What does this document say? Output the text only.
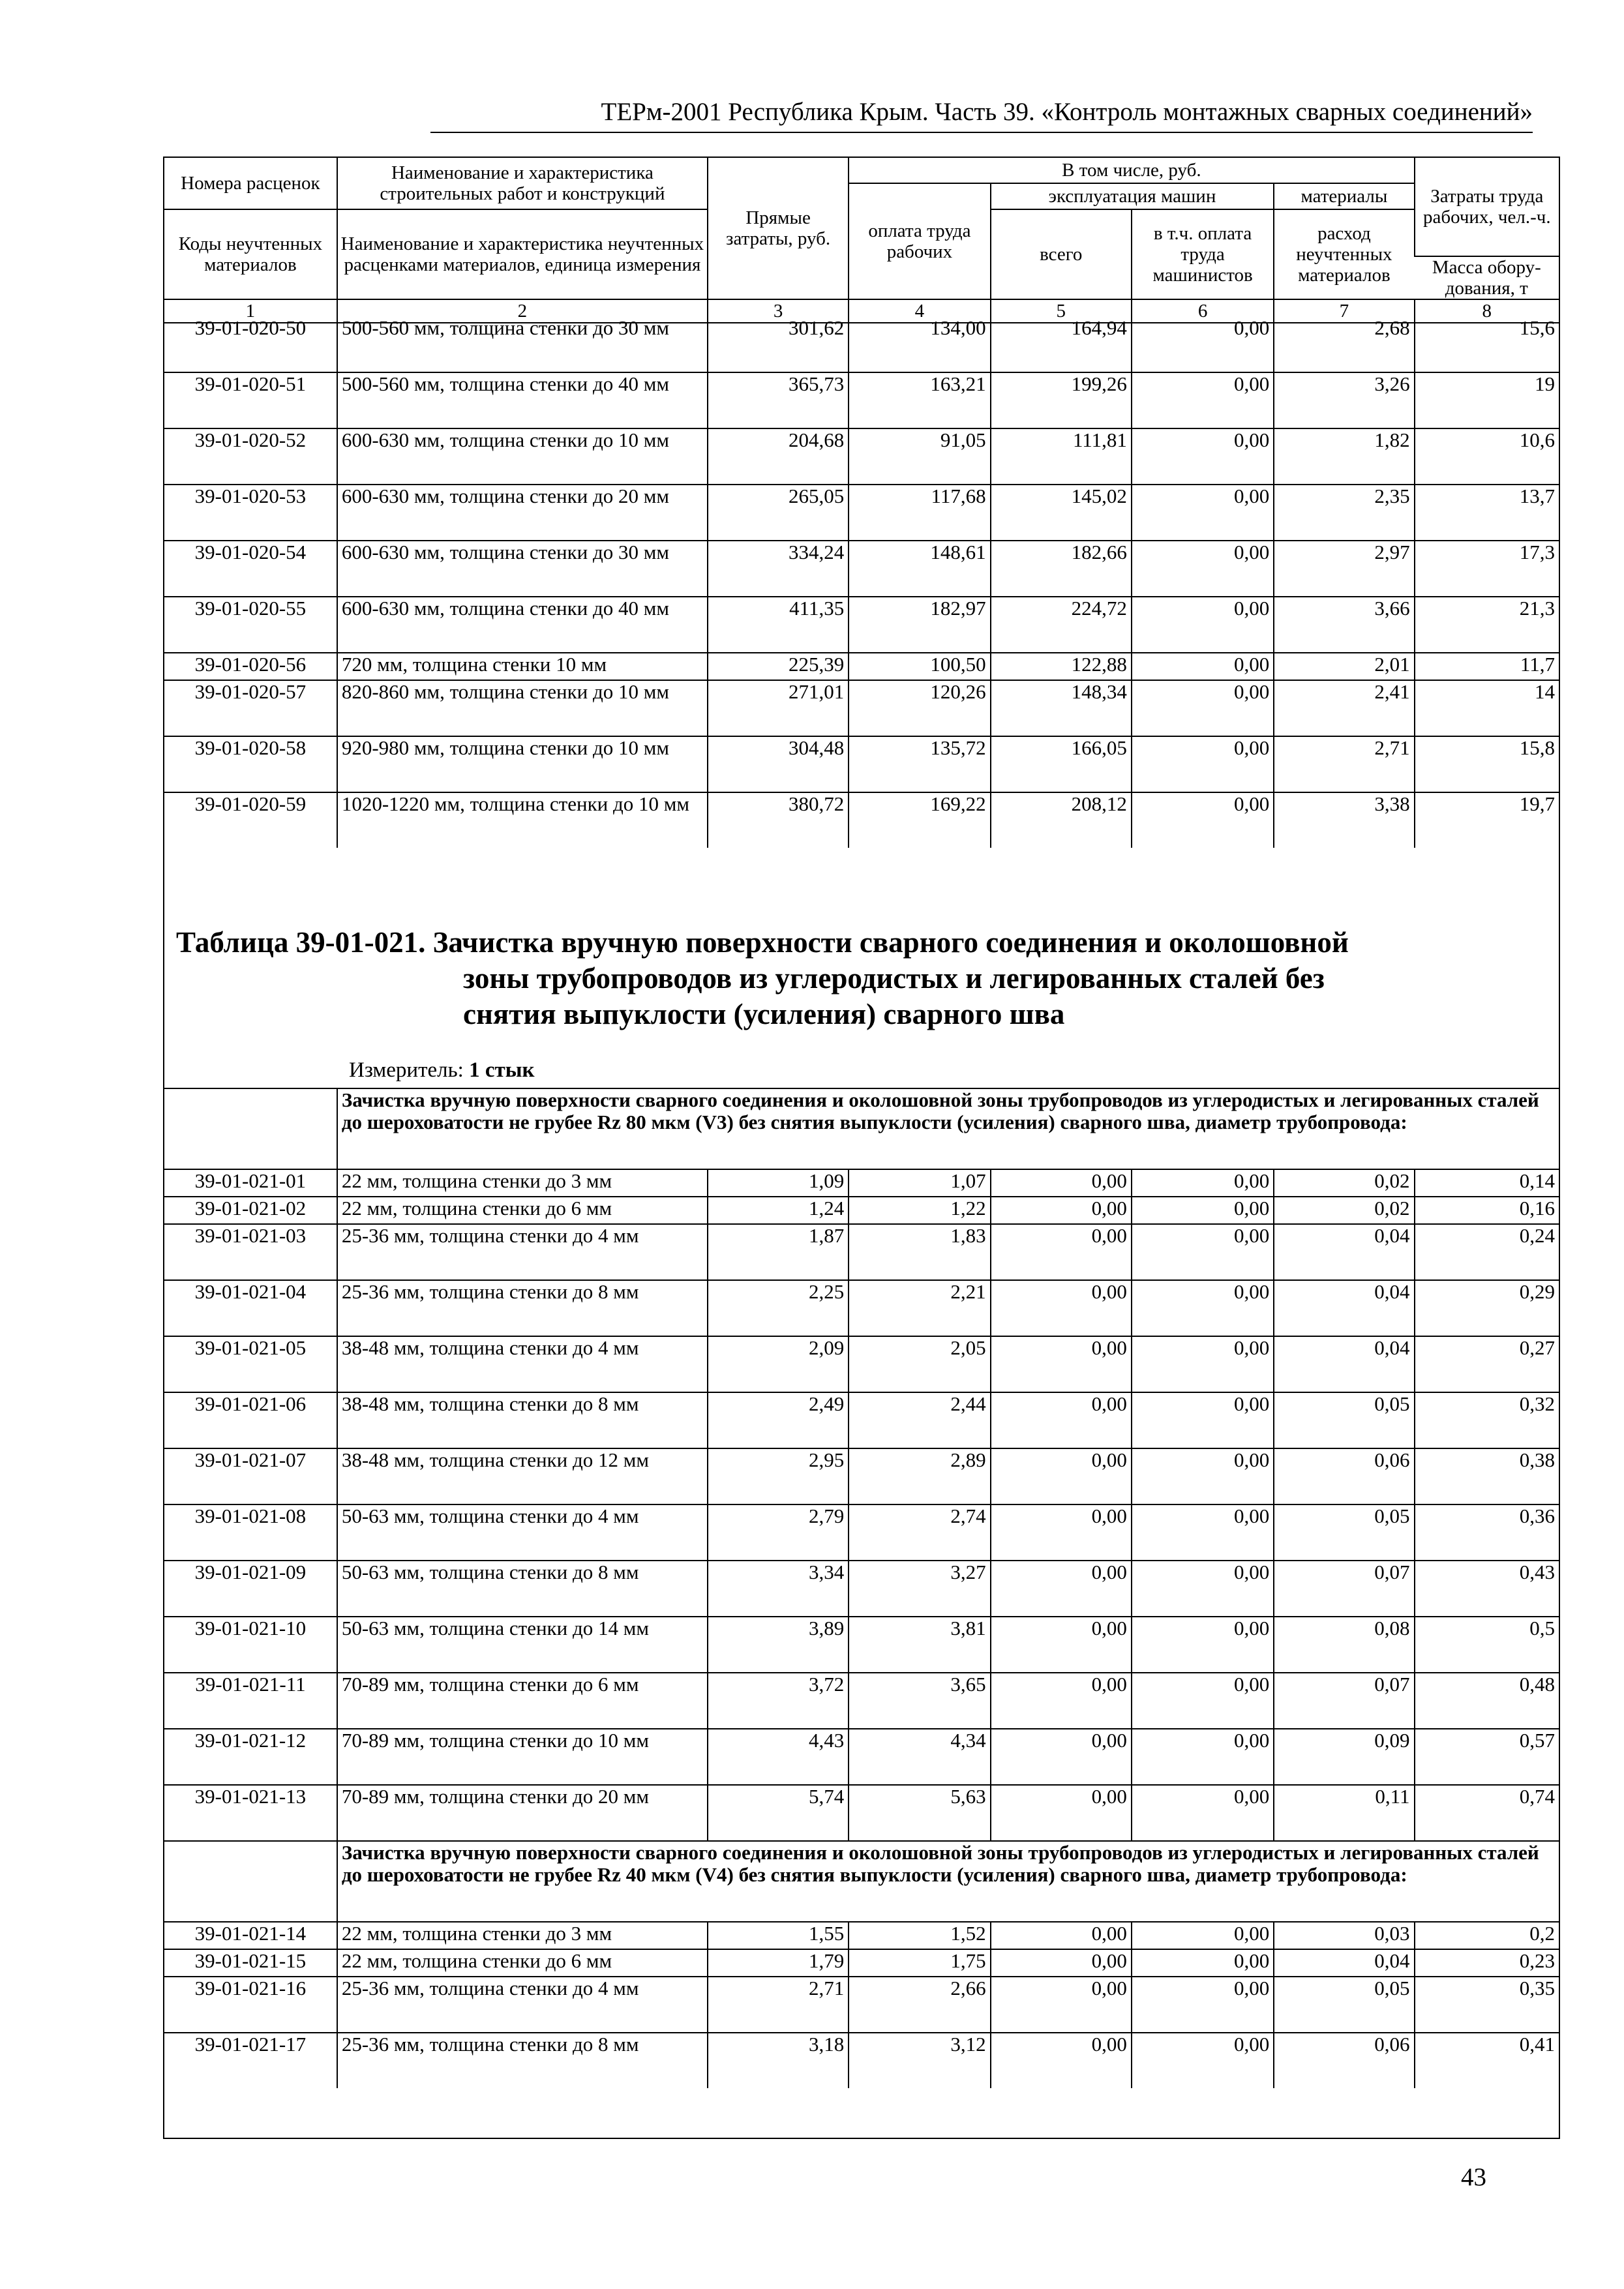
ТЕРм-2001 Республика Крым. Часть 39. «Контроль монтажных сварных соединений»
Номера расценок	Наименование и характеристика строительных работ и конструкций	Прямые затраты, руб.	В том числе, руб.				Затраты труда рабочих, чел.-ч.
			оплата труда рабочих	эксплуатация машин		материалы	
Коды неучтенных материалов	Наименование и характеристика неучтенных расценками материалов, единица измерения			всего	в т.ч. оплата труда машинистов	расход неучтенных материалов	
							Масса обору- дования, т
1	2	3	4	5	6	7	8
39-01-020-50	500-560 мм, толщина стенки до 30 мм	301,62	134,00	164,94	0,00	2,68	15,6
39-01-020-51	500-560 мм, толщина стенки до 40 мм	365,73	163,21	199,26	0,00	3,26	19
39-01-020-52	600-630 мм, толщина стенки до 10 мм	204,68	91,05	111,81	0,00	1,82	10,6
39-01-020-53	600-630 мм, толщина стенки до 20 мм	265,05	117,68	145,02	0,00	2,35	13,7
39-01-020-54	600-630 мм, толщина стенки до 30 мм	334,24	148,61	182,66	0,00	2,97	17,3
39-01-020-55	600-630 мм, толщина стенки до 40 мм	411,35	182,97	224,72	0,00	3,66	21,3
39-01-020-56	720 мм, толщина стенки 10 мм	225,39	100,50	122,88	0,00	2,01	11,7
39-01-020-57	820-860 мм, толщина стенки до 10 мм	271,01	120,26	148,34	0,00	2,41	14
39-01-020-58	920-980 мм, толщина стенки до 10 мм	304,48	135,72	166,05	0,00	2,71	15,8
39-01-020-59	1020-1220 мм, толщина стенки до 10 мм	380,72	169,22	208,12	0,00	3,38	19,7
Таблица 39-01-021. Зачистка вручную поверхности сварного соединения и околошовной
зоны трубопроводов из углеродистых и легированных сталей без
снятия выпуклости (усиления) сварного шва
Измеритель: 1 стык
	Зачистка вручную поверхности сварного соединения и околошовной зоны трубопроводов из углеродистых и легированных сталей до шероховатости не грубее Rz 80 мкм (V3) без снятия выпуклости (усиления) сварного шва, диаметр трубопровода:						
39-01-021-01	22 мм, толщина стенки до 3 мм	1,09	1,07	0,00	0,00	0,02	0,14
39-01-021-02	22 мм, толщина стенки до 6 мм	1,24	1,22	0,00	0,00	0,02	0,16
39-01-021-03	25-36 мм, толщина стенки до 4 мм	1,87	1,83	0,00	0,00	0,04	0,24
39-01-021-04	25-36 мм, толщина стенки до 8 мм	2,25	2,21	0,00	0,00	0,04	0,29
39-01-021-05	38-48 мм, толщина стенки до 4 мм	2,09	2,05	0,00	0,00	0,04	0,27
39-01-021-06	38-48 мм, толщина стенки до 8 мм	2,49	2,44	0,00	0,00	0,05	0,32
39-01-021-07	38-48 мм, толщина стенки до 12 мм	2,95	2,89	0,00	0,00	0,06	0,38
39-01-021-08	50-63 мм, толщина стенки до 4 мм	2,79	2,74	0,00	0,00	0,05	0,36
39-01-021-09	50-63 мм, толщина стенки до 8 мм	3,34	3,27	0,00	0,00	0,07	0,43
39-01-021-10	50-63 мм, толщина стенки до 14 мм	3,89	3,81	0,00	0,00	0,08	0,5
39-01-021-11	70-89 мм, толщина стенки до 6 мм	3,72	3,65	0,00	0,00	0,07	0,48
39-01-021-12	70-89 мм, толщина стенки до 10 мм	4,43	4,34	0,00	0,00	0,09	0,57
39-01-021-13	70-89 мм, толщина стенки до 20 мм	5,74	5,63	0,00	0,00	0,11	0,74
	Зачистка вручную поверхности сварного соединения и околошовной зоны трубопроводов из углеродистых и легированных сталей до шероховатости не грубее Rz 40 мкм (V4) без снятия выпуклости (усиления) сварного шва, диаметр трубопровода:						
39-01-021-14	22 мм, толщина стенки до 3 мм	1,55	1,52	0,00	0,00	0,03	0,2
39-01-021-15	22 мм, толщина стенки до 6 мм	1,79	1,75	0,00	0,00	0,04	0,23
39-01-021-16	25-36 мм, толщина стенки до 4 мм	2,71	2,66	0,00	0,00	0,05	0,35
39-01-021-17	25-36 мм, толщина стенки до 8 мм	3,18	3,12	0,00	0,00	0,06	0,41
43
